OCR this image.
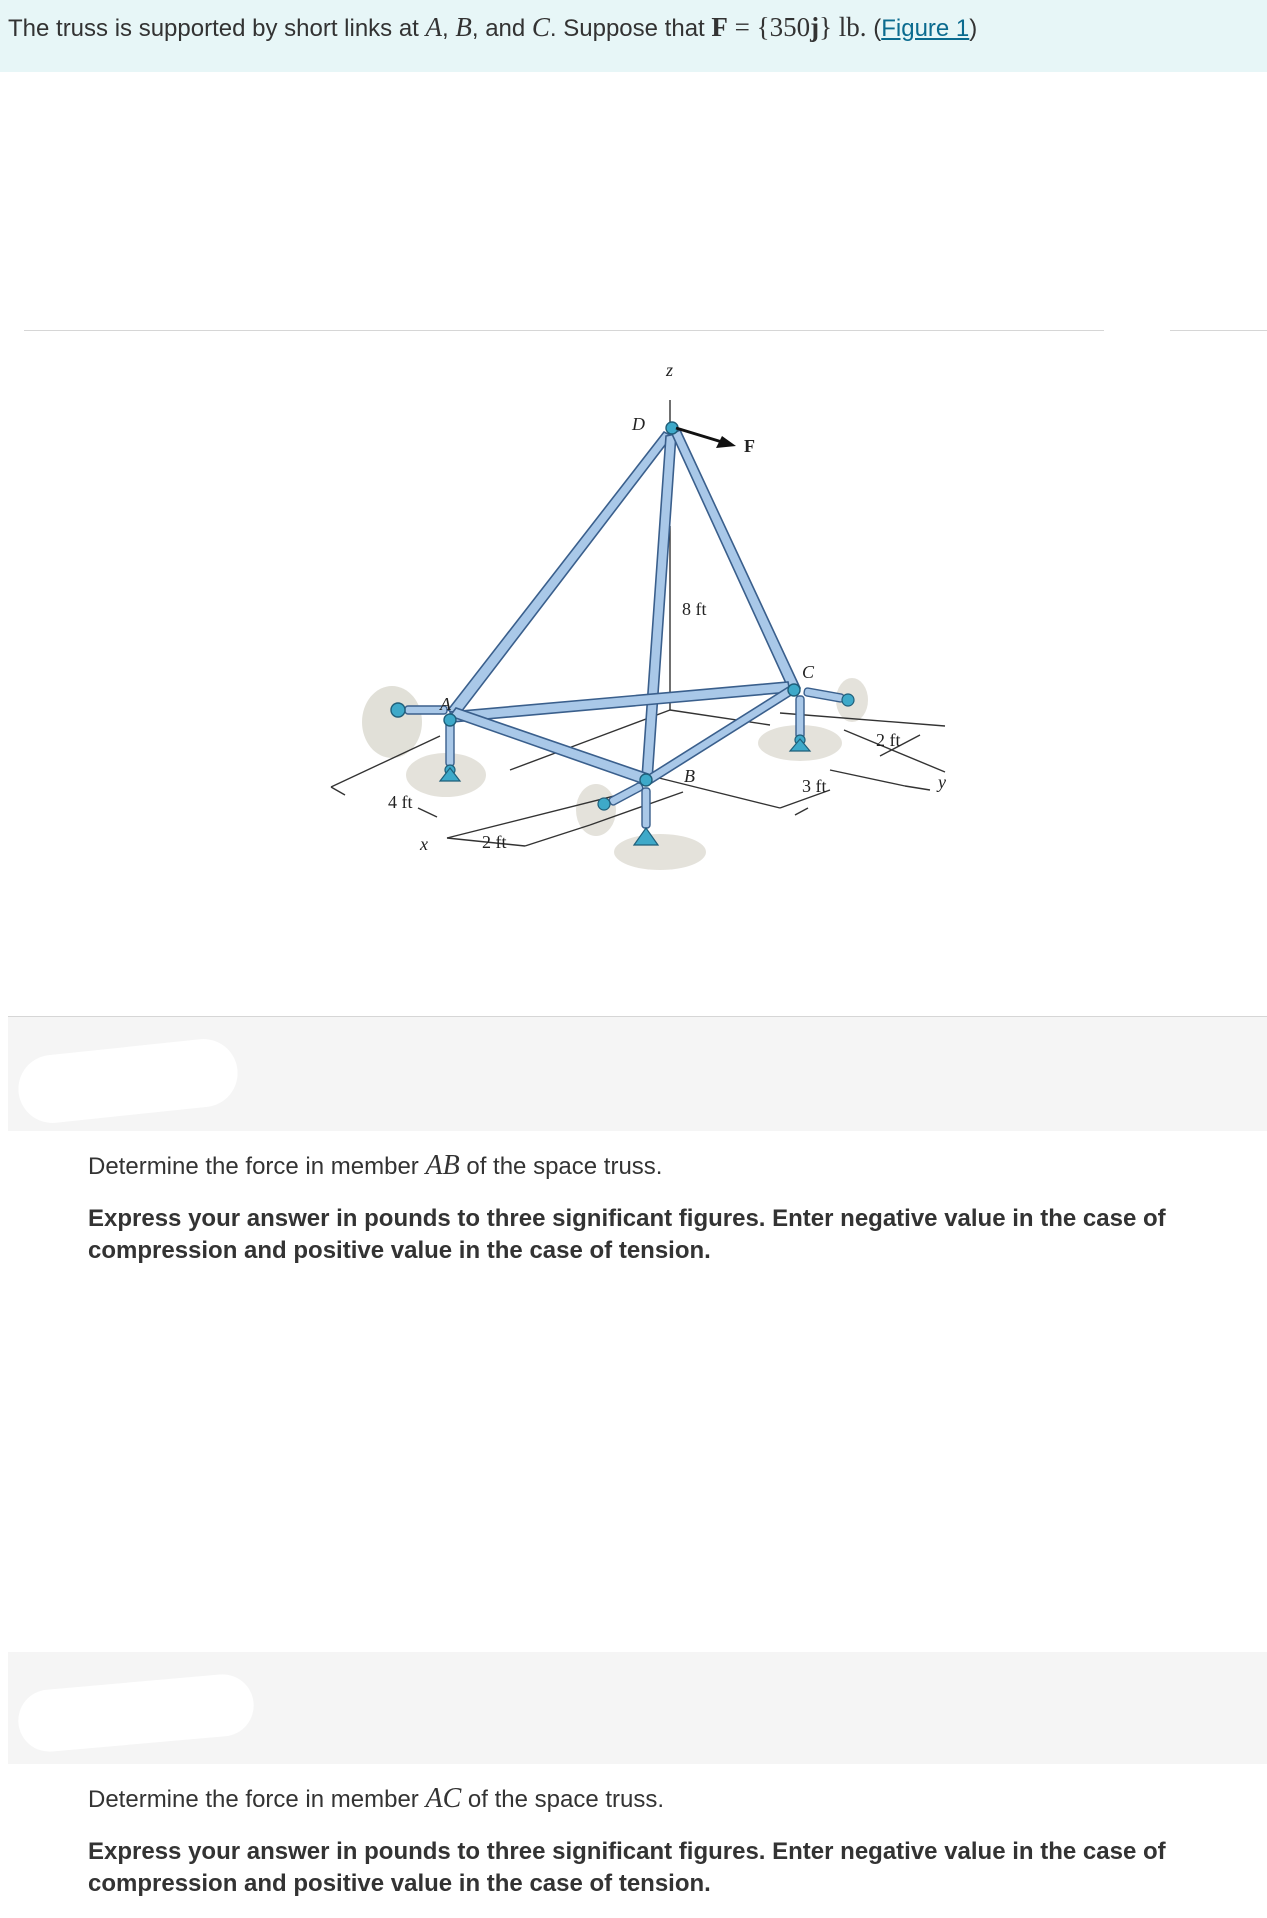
The truss is supported by short links at A, B, and C. Suppose that F = {350j} lb. (Figure 1)
z
D
F
8 ft
C
A
2 ft
B	3 ft	y
4 ft
x	2 ft
Determine the force in member AB of the space truss.
Express your answer in pounds to three significant figures. Enter negative value in the case of compression and positive value in the case of tension.
Determine the force in member AC of the space truss.
Express your answer in pounds to three significant figures. Enter negative value in the case of compression and positive value in the case of tension.
